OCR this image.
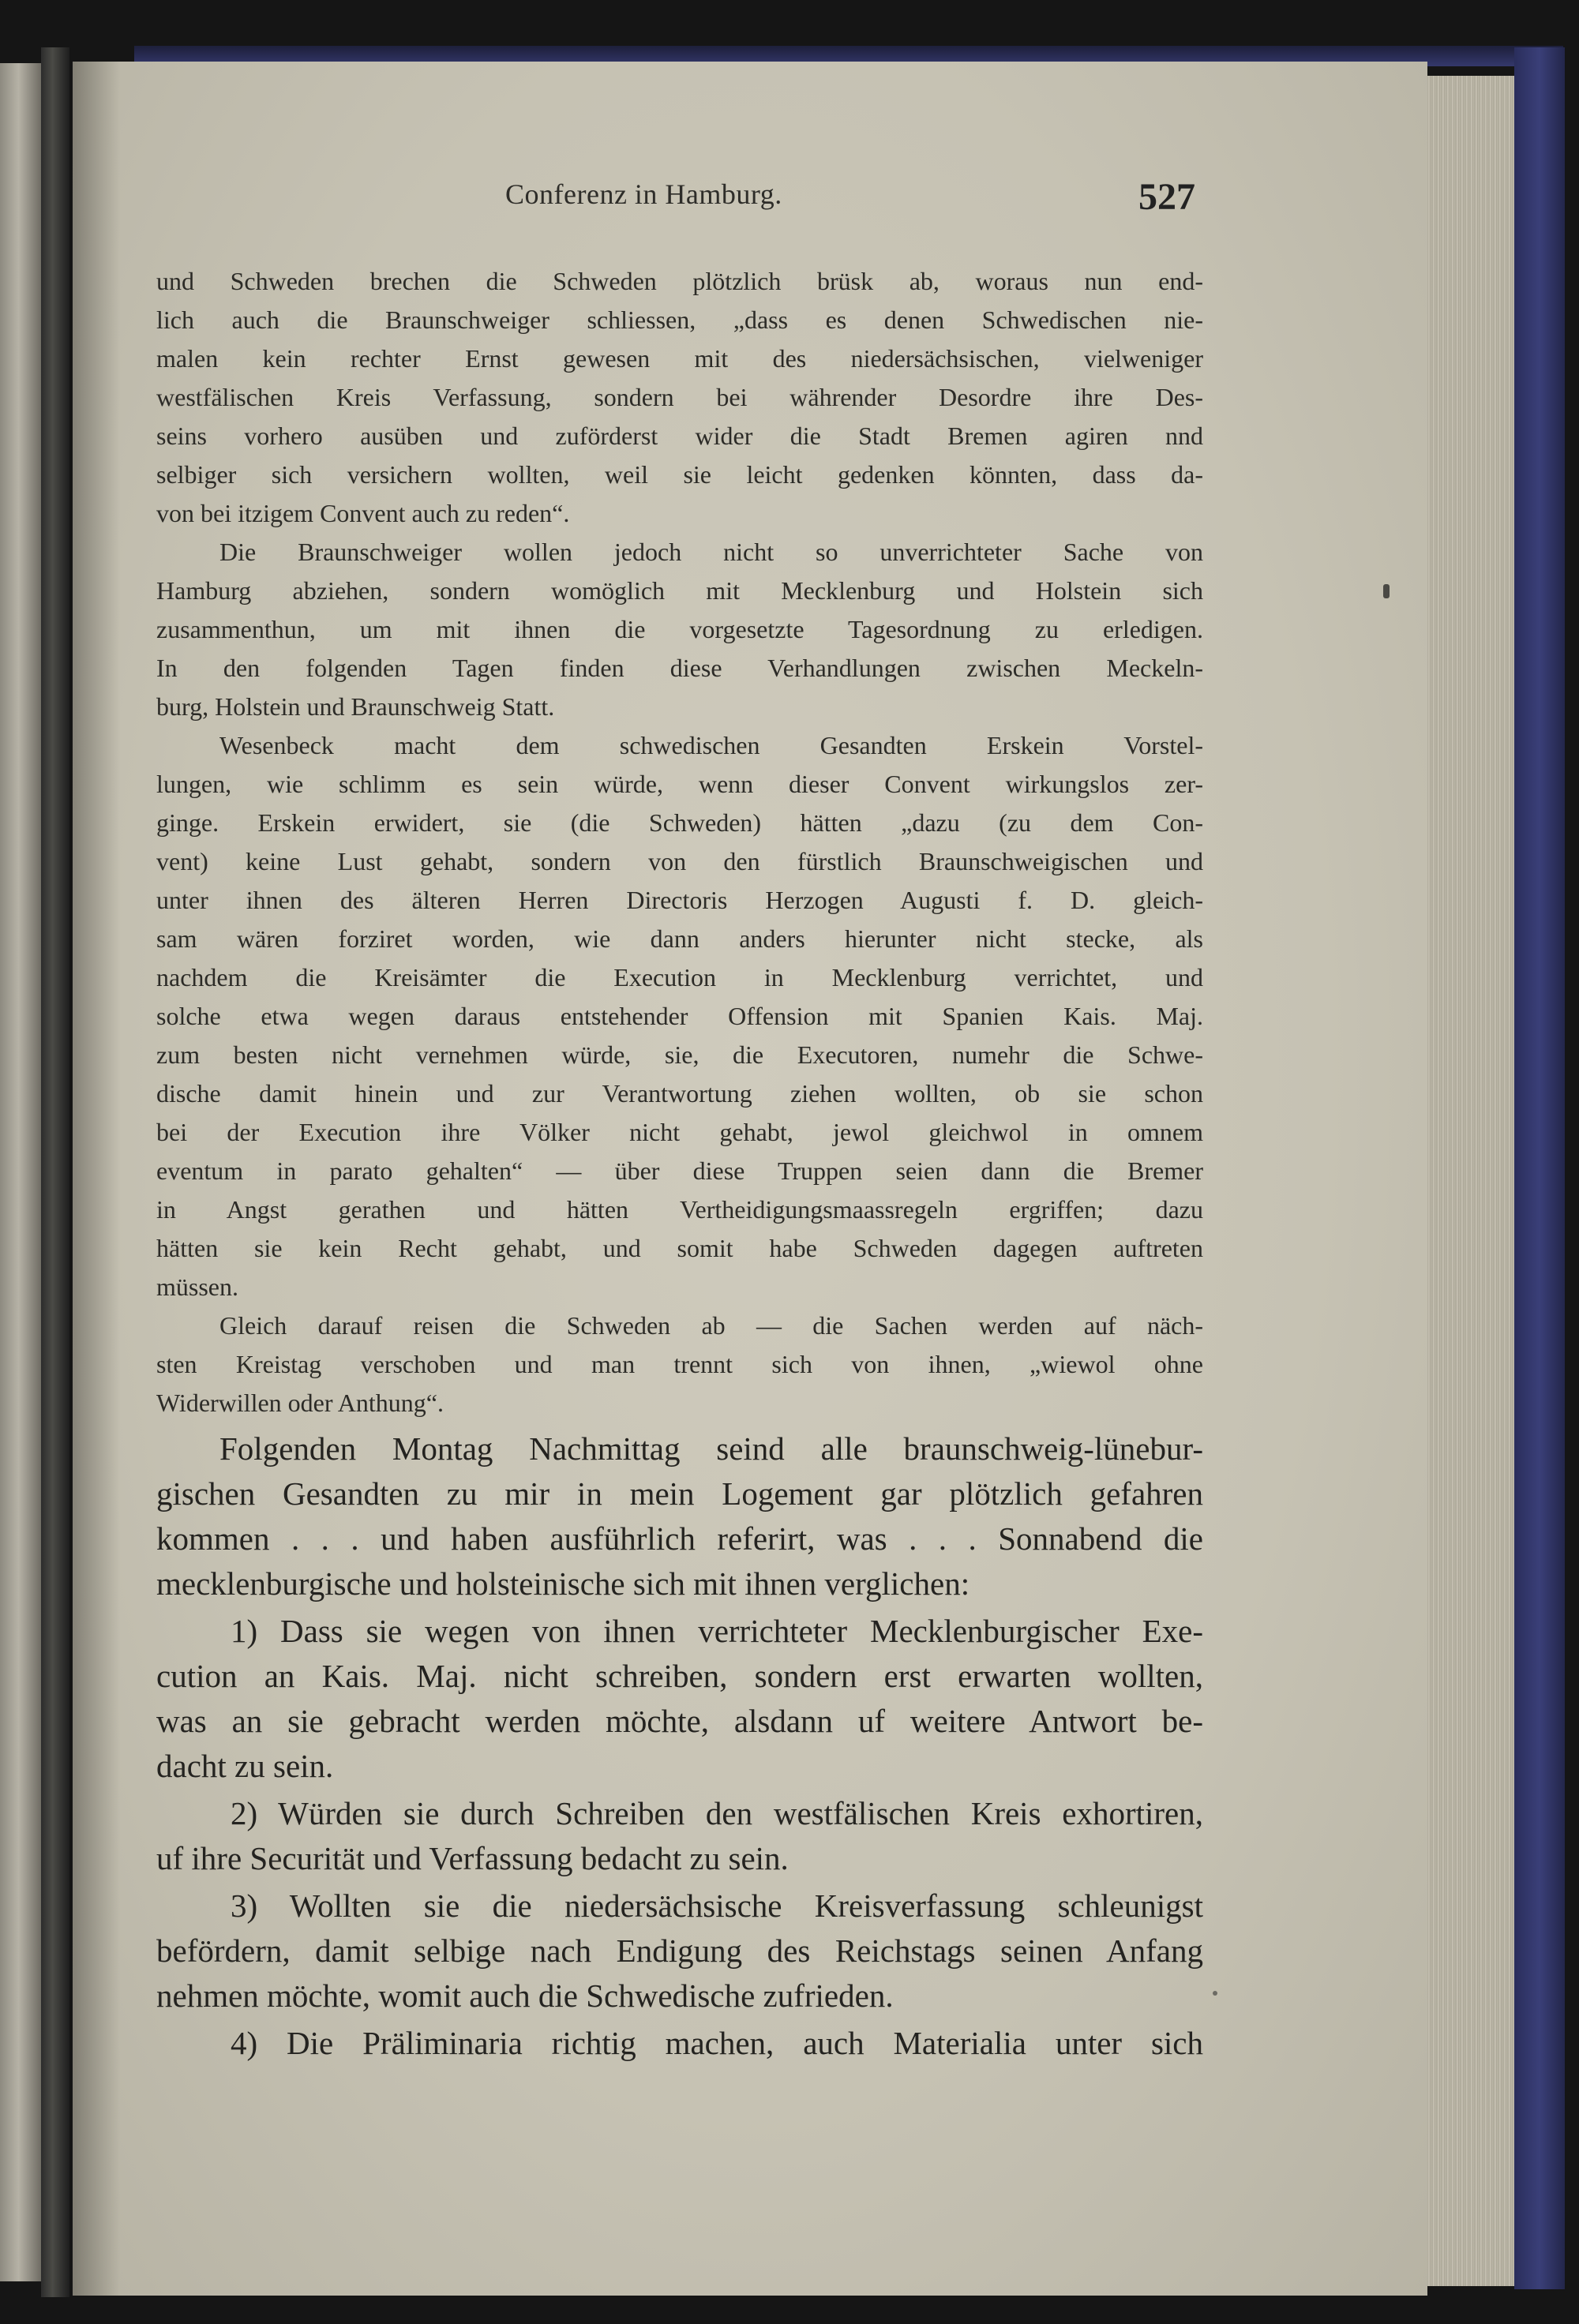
Conferenz in Hamburg.	527

und Schweden brechen die Schweden plötzlich brüsk ab, woraus nun end-

lich auch die Braunschweiger schliessen, „dass es denen Schwedischen nie-

malen kein rechter Ernst gewesen mit des niedersächsischen, vielweniger

westfälischen Kreis Verfassung, sondern bei währender Desordre ihre Des-

seins vorhero ausüben und zuförderst wider die Stadt Bremen agiren nnd

selbiger sich versichern wollten, weil sie leicht gedenken könnten, dass da-

von bei itzigem Convent auch zu reden“.

Die Braunschweiger wollen jedoch nicht so unverrichteter Sache von

Hamburg abziehen, sondern womöglich mit Mecklenburg und Holstein sich

zusammenthun, um mit ihnen die vorgesetzte Tagesordnung zu erledigen.

In den folgenden Tagen finden diese Verhandlungen zwischen Meckeln-

burg, Holstein und Braunschweig Statt.

Wesenbeck macht dem schwedischen Gesandten Erskein Vorstel-

lungen, wie schlimm es sein würde, wenn dieser Convent wirkungslos zer-

ginge. Erskein erwidert, sie (die Schweden) hätten „dazu (zu dem Con-

vent) keine Lust gehabt, sondern von den fürstlich Braunschweigischen und

unter ihnen des älteren Herren Directoris Herzogen Augusti f. D. gleich-

sam wären forziret worden, wie dann anders hierunter nicht stecke, als

nachdem die Kreisämter die Execution in Mecklenburg verrichtet, und

solche etwa wegen daraus entstehender Offension mit Spanien Kais. Maj.

zum besten nicht vernehmen würde, sie, die Executoren, numehr die Schwe-

dische damit hinein und zur Verantwortung ziehen wollten, ob sie schon

bei der Execution ihre Völker nicht gehabt, jewol gleichwol in omnem

eventum in parato gehalten“ — über diese Truppen seien dann die Bremer

in Angst gerathen und hätten Vertheidigungsmaassregeln ergriffen; dazu

hätten sie kein Recht gehabt, und somit habe Schweden dagegen auftreten

müssen.

Gleich darauf reisen die Schweden ab — die Sachen werden auf näch-

sten Kreistag verschoben und man trennt sich von ihnen, „wiewol ohne

Widerwillen oder Anthung“.

Folgenden Montag Nachmittag seind alle braunschweig-lünebur-

gischen Gesandten zu mir in mein Logement gar plötzlich gefahren

kommen . . . und haben ausführlich referirt, was . . . Sonnabend die

mecklenburgische und holsteinische sich mit ihnen verglichen:

1) Dass sie wegen von ihnen verrichteter Mecklenburgischer Exe-

cution an Kais. Maj. nicht schreiben, sondern erst erwarten wollten,

was an sie gebracht werden möchte, alsdann uf weitere Antwort be-

dacht zu sein.

2) Würden sie durch Schreiben den westfälischen Kreis exhortiren,

uf ihre Securität und Verfassung bedacht zu sein.

3) Wollten sie die niedersächsische Kreisverfassung schleunigst

befördern, damit selbige nach Endigung des Reichstags seinen Anfang

nehmen möchte, womit auch die Schwedische zufrieden.

4) Die Präliminaria richtig machen, auch Materialia unter sich
